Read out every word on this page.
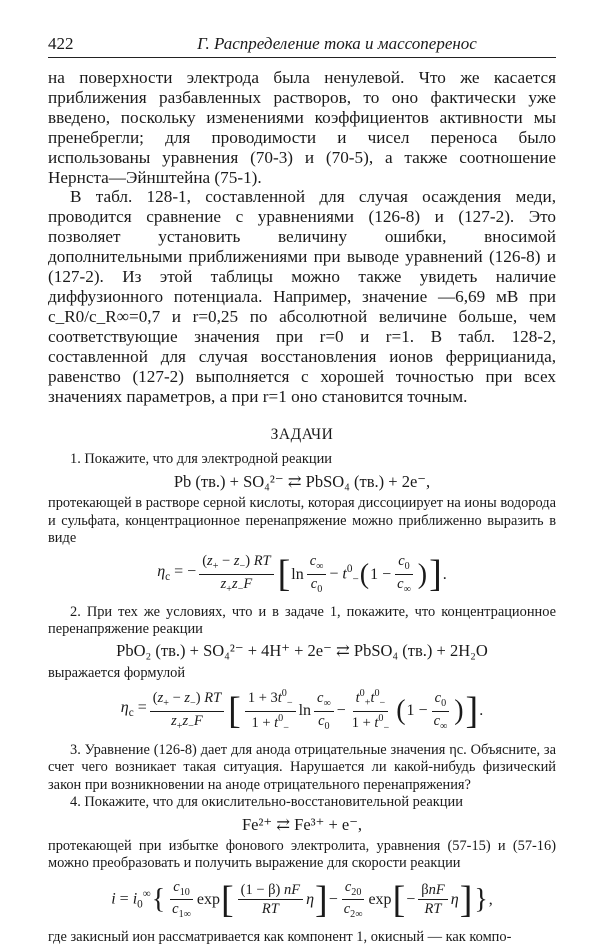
422	Г. Распределение тока и массоперенос

на поверхности электрода была ненулевой. Что же касается приближения разбавленных растворов, то оно фактически уже введено, поскольку изменениями коэффициентов активности мы пренебрегли; для проводимости и чисел переноса было использованы уравнения (70-3) и (70-5), а также соотношение Нернста—Эйнштейна (75-1).

В табл. 128-1, составленной для случая осаждения меди, проводится сравнение с уравнениями (126-8) и (127-2). Это позволяет установить величину ошибки, вносимой дополнительными приближениями при выводе уравнений (126-8) и (127-2). Из этой таблицы можно также увидеть наличие диффузионного потенциала. Например, значение —6,69 мВ при c_R0/c_R∞=0,7 и r=0,25 по абсолютной величине больше, чем соответствующие значения при r=0 и r=1. В табл. 128-2, составленной для случая восстановления ионов феррицианида, равенство (127-2) выполняется с хорошей точностью при всех значениях параметров, а при r=1 оно становится точным.

ЗАДАЧИ

1. Покажите, что для электродной реакции

Pb (тв.) + SO₄²⁻ ⇄ PbSO₄ (тв.) + 2e⁻,

протекающей в растворе серной кислоты, которая диссоциирует на ионы водорода и сульфата, концентрационное перенапряжение можно приближенно выразить в виде

$\eta_c$ = − $\frac{(z_+ - z_-) RT}{z_+z_-F}$ [ $\ln \frac{c_\infty}{c_0} - t^0_-$ ( $1 - \frac{c_0}{c_\infty}$ ) ] .

2. При тех же условиях, что и в задаче 1, покажите, что концентрационное перенапряжение реакции

PbO₂ (тв.) + SO₄²⁻ + 4H⁺ + 2e⁻ ⇄ PbSO₄ (тв.) + 2H₂O

выражается формулой

$\eta_c = \frac{(z_+ - z_-) RT}{z_+z_-F}$ [ $\frac{1 + 3t^0_-}{1 + t^0_-}$ $\ln \frac{c_\infty}{c_0} - \frac{t^0_+t^0_-}{1 + t^0_-}$ ( $1 - \frac{c_0}{c_\infty}$ ) ] .

3. Уравнение (126-8) дает для анода отрицательные значения ηc. Объясните, за счет чего возникает такая ситуация. Нарушается ли какой-нибудь физический закон при возникновении на аноде отрицательного перенапряжения?

4. Покажите, что для окислительно-восстановительной реакции

Fe²⁺ ⇄ Fe³⁺ + e⁻,

протекающей при избытке фонового электролита, уравнения (57-15) и (57-16) можно преобразовать и получить выражение для скорости реакции

$i = i_0^\infty$ { $\frac{c_{10}}{c_{1\infty}}$ exp [ $\frac{(1 - \beta) nF}{RT}$ η ] − $\frac{c_{20}}{c_{2\infty}}$ exp [ − $\frac{\text{βnF}}{RT}$ η ] } ,

где закисный ион рассматривается как компонент 1, окисный — как компо-
